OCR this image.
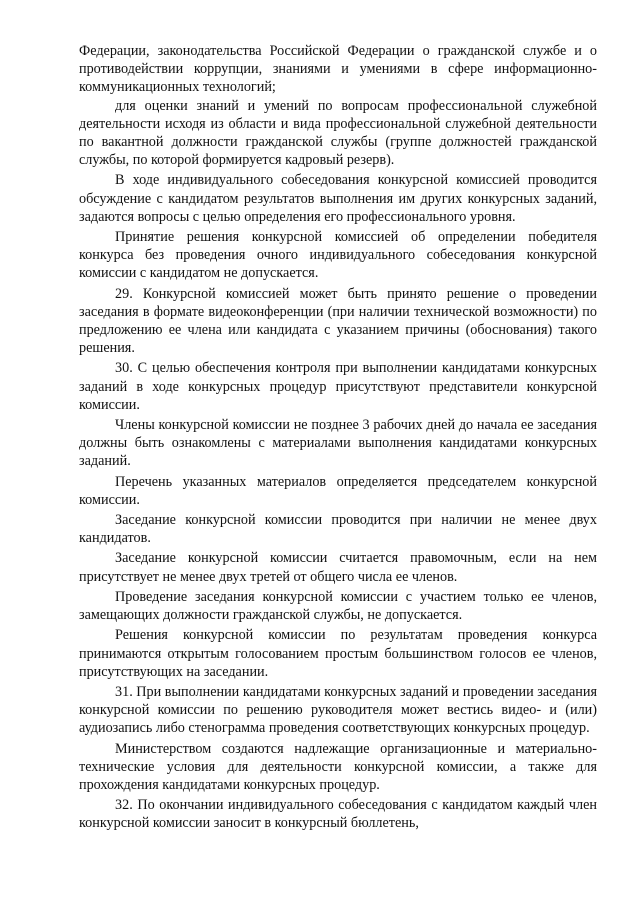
Федерации, законодательства Российской Федерации о гражданской службе и о противодействии коррупции, знаниями и умениями в сфере информационно-коммуникационных технологий;

для оценки знаний и умений по вопросам профессиональной служебной деятельности исходя из области и вида профессиональной служебной деятельности по вакантной должности гражданской службы (группе должностей гражданской службы, по которой формируется кадровый резерв).

В ходе индивидуального собеседования конкурсной комиссией проводится обсуждение с кандидатом результатов выполнения им других конкурсных заданий, задаются вопросы с целью определения его профессионального уровня.

Принятие решения конкурсной комиссией об определении победителя конкурса без проведения очного индивидуального собеседования конкурсной комиссии с кандидатом не допускается.

29. Конкурсной комиссией может быть принято решение о проведении заседания в формате видеоконференции (при наличии технической возможности) по предложению ее члена или кандидата с указанием причины (обоснования) такого решения.

30. С целью обеспечения контроля при выполнении кандидатами конкурсных заданий в ходе конкурсных процедур присутствуют представители конкурсной комиссии.

Члены конкурсной комиссии не позднее 3 рабочих дней до начала ее заседания должны быть ознакомлены с материалами выполнения кандидатами конкурсных заданий.

Перечень указанных материалов определяется председателем конкурсной комиссии.

Заседание конкурсной комиссии проводится при наличии не менее двух кандидатов.

Заседание конкурсной комиссии считается правомочным, если на нем присутствует не менее двух третей от общего числа ее членов.

Проведение заседания конкурсной комиссии с участием только ее членов, замещающих должности гражданской службы, не допускается.

Решения конкурсной комиссии по результатам проведения конкурса принимаются открытым голосованием простым большинством голосов ее членов, присутствующих на заседании.

31. При выполнении кандидатами конкурсных заданий и проведении заседания конкурсной комиссии по решению руководителя может вестись видео- и (или) аудиозапись либо стенограмма проведения соответствующих конкурсных процедур.

Министерством создаются надлежащие организационные и материально-технические условия для деятельности конкурсной комиссии, а также для прохождения кандидатами конкурсных процедур.

32. По окончании индивидуального собеседования с кандидатом каждый член конкурсной комиссии заносит в конкурсный бюллетень,
